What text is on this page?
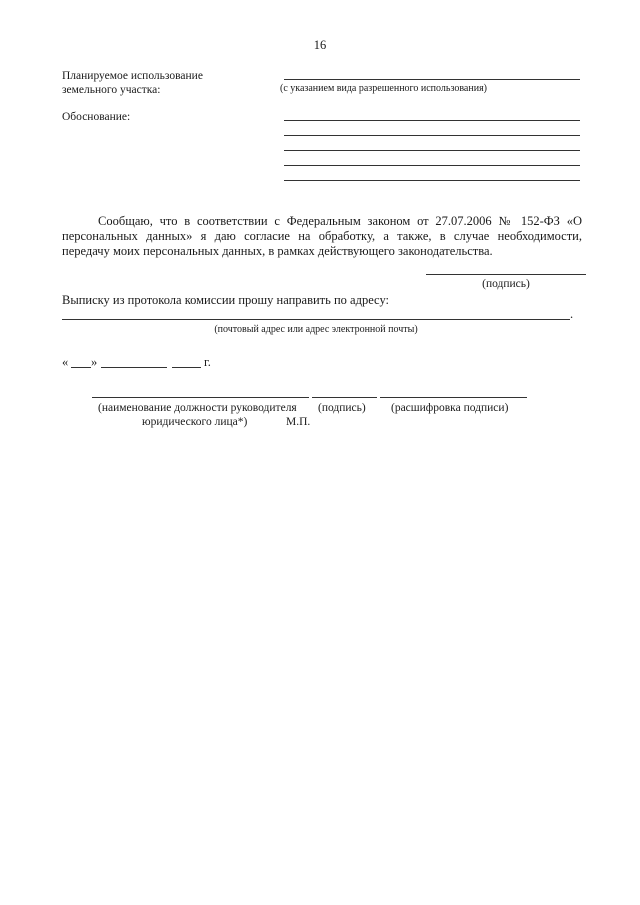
16
Планируемое использование
земельного участка:	(с указанием вида разрешенного использования)
Обоснование:
Сообщаю, что в соответствии с Федеральным законом от 27.07.2006 № 152-ФЗ «О
персональных данных» я даю согласие на обработку, а также, в случае необходимости,
передачу моих персональных данных, в рамках действующего законодательства.
(подпись)
Выписку из протокола комиссии прошу направить по адресу:
.
(почтовый адрес или адрес электронной почты)
« »	г.
(наименование должности руководителя
юридического лица*)	М.П.
(подпись) (расшифровка подписи)
